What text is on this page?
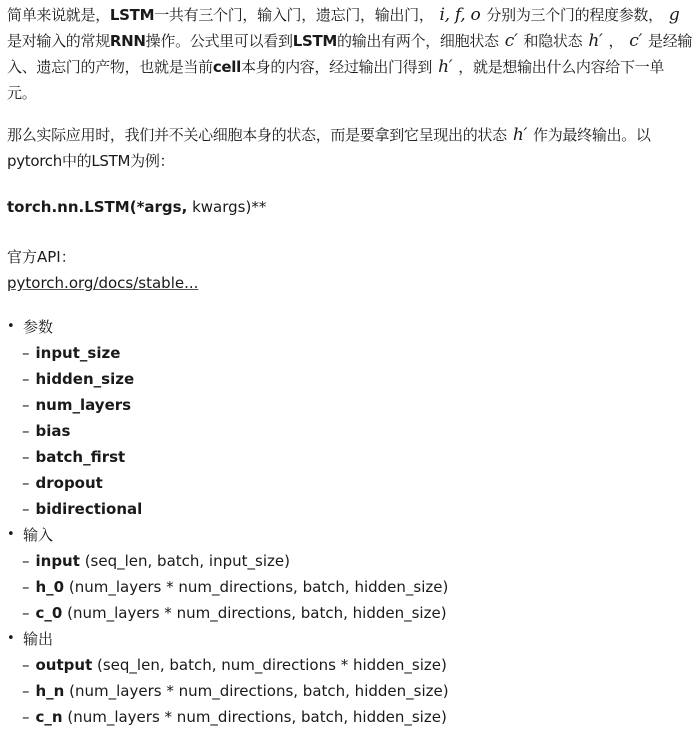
简单来说就是，LSTM一共有三个门，输入门，遗忘门，输出门， i, f, o 分别为三个门的程度参数， g是对输入的常规RNN操作。公式里可以看到LSTM的输出有两个，细胞状态 c′ 和隐状态 h′ ， c′ 是经输入、遗忘门的产物，也就是当前cell本身的内容，经过输出门得到 h′ ，就是想输出什么内容给下一单元。

那么实际应用时，我们并不关心细胞本身的状态，而是要拿到它呈现出的状态 h′ 作为最终输出。以pytorch中的LSTM为例：

torch.nn.LSTM(*args, kwargs)**

官方API：
pytorch.org/docs/stable...
• 参数
– input_size
– hidden_size
– num_layers
– bias
– batch_first
– dropout
– bidirectional
• 输入
– input (seq_len, batch, input_size)
– h_0 (num_layers * num_directions, batch, hidden_size)
– c_0 (num_layers * num_directions, batch, hidden_size)
• 输出
– output (seq_len, batch, num_directions * hidden_size)
– h_n (num_layers * num_directions, batch, hidden_size)
– c_n (num_layers * num_directions, batch, hidden_size)
